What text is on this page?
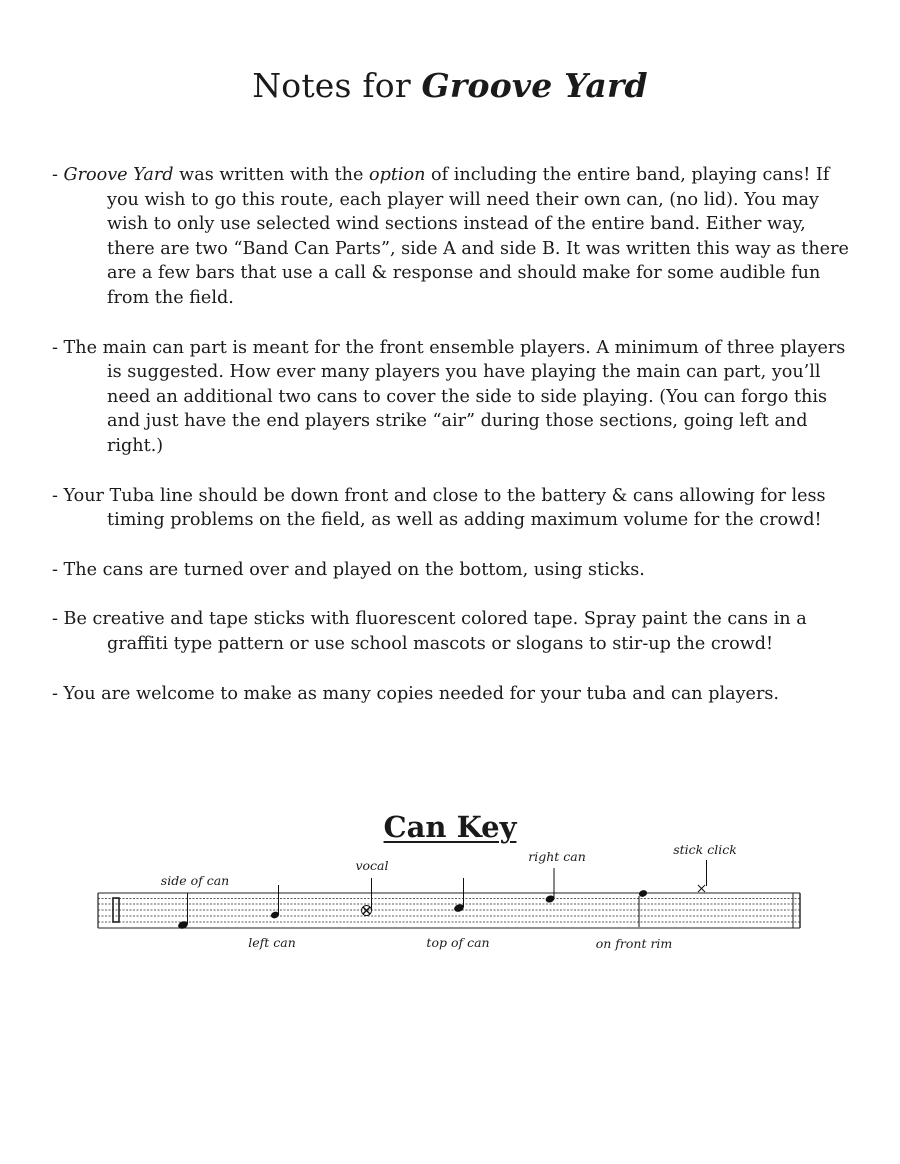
Notes for Groove Yard

- Groove Yard was written with the option of including the entire band, playing cans! If you wish to go this route, each player will need their own can, (no lid). You may wish to only use selected wind sections instead of the entire band. Either way, there are two “Band Can Parts”, side A and side B. It was written this way as there are a few bars that use a call & response and should make for some audible fun from the field.

- The main can part is meant for the front ensemble players. A minimum of three players is suggested. How ever many players you have playing the main can part, you’ll need an additional two cans to cover the side to side playing. (You can forgo this and just have the end players strike “air” during those sections, going left and right.)

- Your Tuba line should be down front and close to the battery & cans allowing for less timing problems on the field, as well as adding maximum volume for the crowd!

- The cans are turned over and played on the bottom, using sticks.

- Be creative and tape sticks with fluorescent colored tape. Spray paint the cans in a graffiti type pattern or use school mascots or slogans to stir-up the crowd!

- You are welcome to make as many copies needed for your tuba and can players.

Can Key
side of can
left can
vocal
top of can
right can
on front rim
stick click
